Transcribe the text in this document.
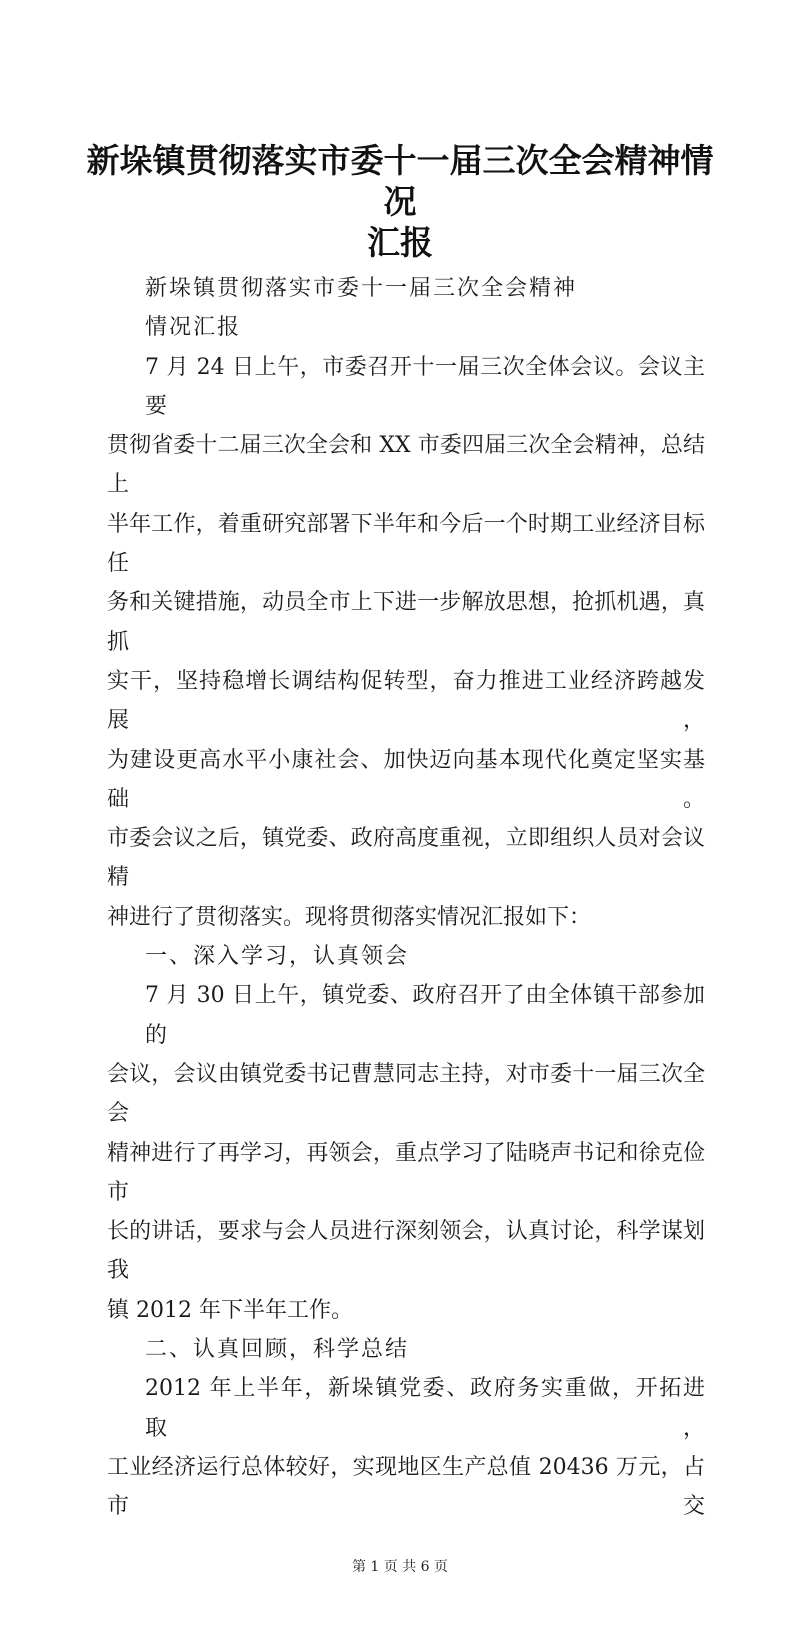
新垛镇贯彻落实市委十一届三次全会精神情况
汇报
新垛镇贯彻落实市委十一届三次全会精神
情况汇报
7 月 24 日上午，市委召开十一届三次全体会议。会议主要
贯彻省委十二届三次全会和 XX 市委四届三次全会精神，总结上
半年工作，着重研究部署下半年和今后一个时期工业经济目标任
务和关键措施，动员全市上下进一步解放思想，抢抓机遇，真抓
实干，坚持稳增长调结构促转型，奋力推进工业经济跨越发展，
为建设更高水平小康社会、加快迈向基本现代化奠定坚实基础。
市委会议之后，镇党委、政府高度重视，立即组织人员对会议精
神进行了贯彻落实。现将贯彻落实情况汇报如下：
一、深入学习，认真领会
7 月 30 日上午，镇党委、政府召开了由全体镇干部参加的
会议，会议由镇党委书记曹慧同志主持，对市委十一届三次全会
精神进行了再学习，再领会，重点学习了陆晓声书记和徐克俭市
长的讲话，要求与会人员进行深刻领会，认真讨论，科学谋划我
镇 2012 年下半年工作。
二、认真回顾，科学总结
2012 年上半年，新垛镇党委、政府务实重做，开拓进取，
工业经济运行总体较好，实现地区生产总值 20436 万元，占市交
第 1 页 共 6 页
